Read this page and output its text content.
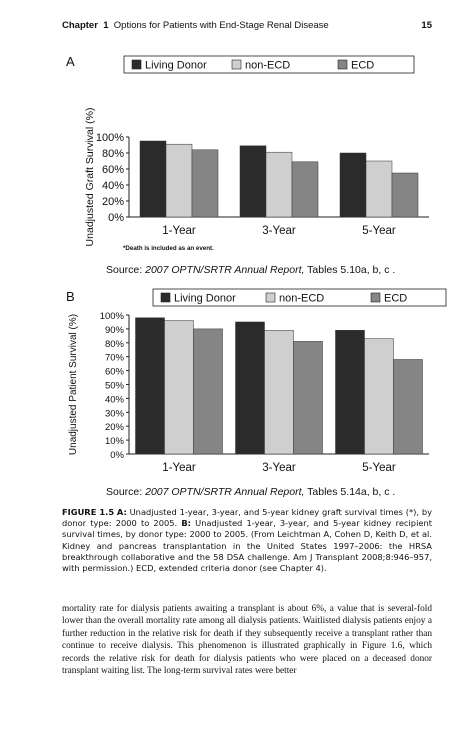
Chapter 1 Options for Patients with End-Stage Renal Disease	15
A	Living Donor	non-ECD	ECD
0%
20%
40%
60%
80%
100%
Unadjusted Graft Survival (%)	1-Year	3-Year	5-Year
*Death is included as an event.
Source: 2007 OPTN/SRTR Annual Report, Tables 5.10a, b, c .
B	Living Donor	non-ECD	ECD
0%
10%
20%
30%
40%
50%
60%
70%
80%
90%
100%
Unadjusted Patient Survival (%)
1-Year	3-Year	5-Year
Source: 2007 OPTN/SRTR Annual Report, Tables 5.14a, b, c .
FIGURE 1.5 A: Unadjusted 1-year, 3-year, and 5-year kidney graft survival times (*), by donor type: 2000 to 2005. B: Unadjusted 1-year, 3-year, and 5-year kidney recipient survival times, by donor type: 2000 to 2005. (From Leichtman A, Cohen D, Keith D, et al. Kidney and pancreas transplantation in the United States 1997–2006: the HRSA breakthrough collaborative and the 58 DSA challenge. Am J Transplant 2008;8:946–957, with permission.) ECD, extended criteria donor (see Chapter 4).
mortality rate for dialysis patients awaiting a transplant is about 6%, a value that is several-fold lower than the overall mortality rate among all dialysis patients. Waitlisted dialysis patients enjoy a further reduction in the relative risk for death if they subsequently receive a transplant rather than continue to receive dialysis. This phenomenon is illustrated graphically in Figure 1.6, which records the relative risk for death for dialysis patients who were placed on a deceased donor transplant waiting list. The long-term survival rates were better
